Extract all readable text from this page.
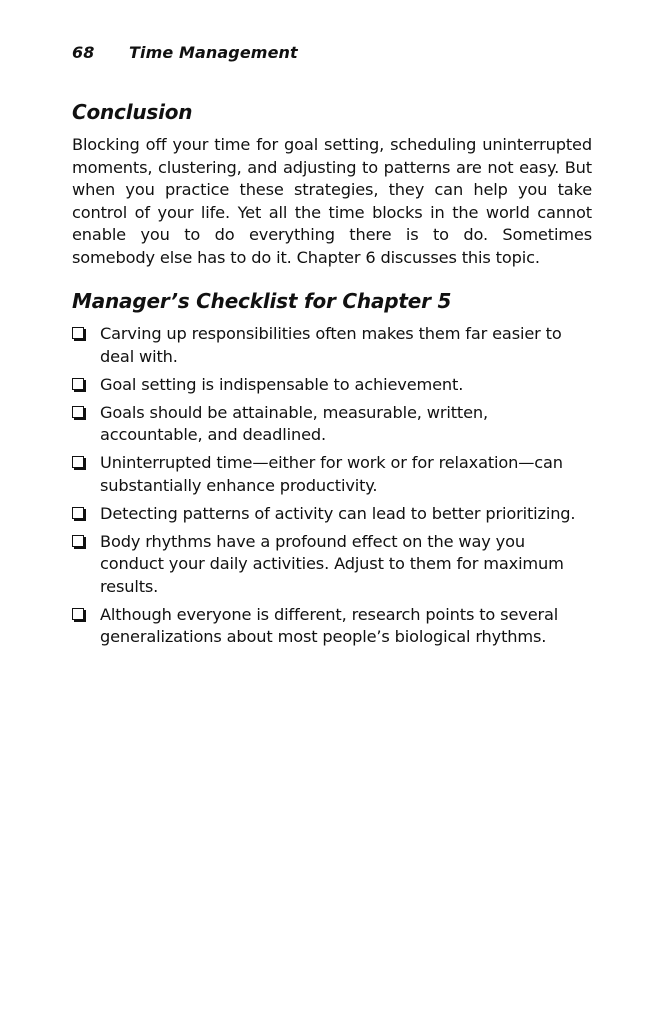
68 Time Management
Conclusion

Blocking off your time for goal setting, scheduling uninterrupted moments, clustering, and adjusting to patterns are not easy. But when you practice these strategies, they can help you take control of your life. Yet all the time blocks in the world cannot enable you to do everything there is to do. Sometimes somebody else has to do it. Chapter 6 discusses this topic.

Manager’s Checklist for Chapter 5
Carving up responsibilities often makes them far easier to deal with.
Goal setting is indispensable to achievement.
Goals should be attainable, measurable, written, accountable, and deadlined.
Uninterrupted time—either for work or for relaxation—can substantially enhance productivity.
Detecting patterns of activity can lead to better prioritizing.
Body rhythms have a profound effect on the way you conduct your daily activities. Adjust to them for maximum results.
Although everyone is different, research points to several generalizations about most people’s biological rhythms.
